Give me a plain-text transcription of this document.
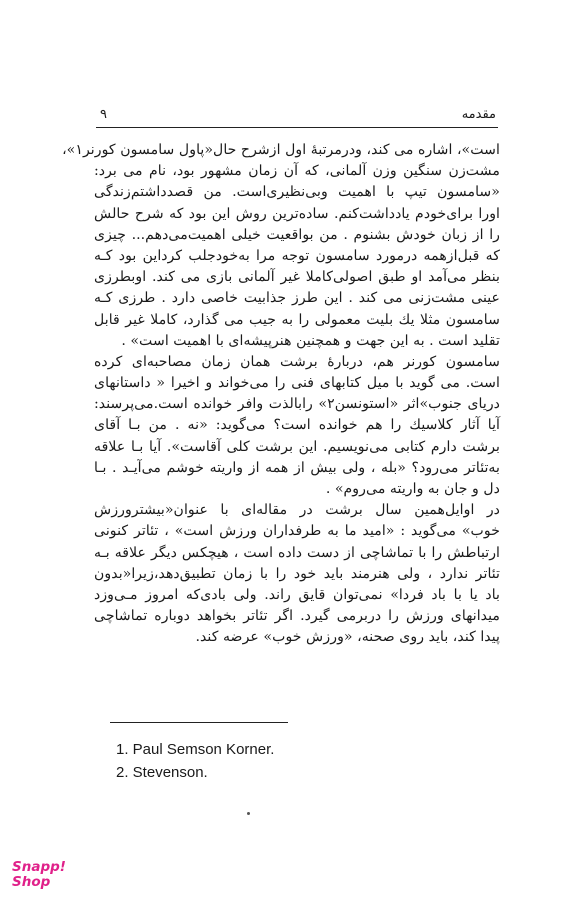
مقدمه
۹
است»، اشاره می کند، ودرمرتبهٔ اول ازشرح حال«پاول سامسون کورنر۱»،
مشت‌زن سنگین وزن آلمانی، که آن زمان مشهور بود، نام می برد:
«سامسون تیپ با اهمیت وبی‌نظیری‌است. من قصدداشتم‌زندگی
اورا برای‌خودم یادداشت‌کنم. ساده‌ترین روش این بود که شرح حالش
را از زبان خودش بشنوم . من بواقعیت خیلی اهمیت‌می‌دهم... چیزی
که قبل‌ازهمه درمورد سامسون توجه مرا به‌خودجلب کرداین بود کـه
بنظر می‌آمد او طبق اصولی‌کاملا غیر آلمانی بازی می کند. اوبطرزی
عینی مشت‌زنی می کند . این طرز جذابیت خاصی دارد . طرزی کـه
سامسون مثلا یك بلیت معمولی را به جیب می گذارد، کاملا غیر قابل
تقلید است . به این جهت و همچنین هنرپیشه‌ای با اهمیت است» .
سامسون کورنر هم، دربارهٔ برشت همان زمان مصاحبه‌ای کرده
است. می گوید با میل کتابهای فنی را می‌خواند و اخیرا « داستانهای
دریای جنوب»اثر «استونسن۲» رابالذت وافر خوانده است.می‌پرسند:
آیا آثار کلاسیك را هم خوانده است؟ می‌گوید: «نه . من بـا آقای
برشت دارم کتابی می‌نویسیم. این برشت کلی آقاست». آیا بـا علاقه
به‌تئاتر می‌رود؟ «بله ، ولی بیش از همه از واریته خوشم می‌آیـد . بـا
دل و جان به واریته می‌روم» .
در اوایل‌همین سال برشت در مقاله‌ای با عنوان«بیشترورزش
خوب» می‌گوید : «امید ما به طرفداران ورزش است» ، تئاتر کنونی
ارتباطش را با تماشاچی از دست داده است ، هیچکس دیگر علاقه بـه
تئاتر ندارد ، ولی هنرمند باید خود را با زمان تطبیق‌دهد،زیرا«بدون
باد یا با باد فردا» نمی‌توان قایق راند. ولی بادی‌که امروز مـی‌وزد
میدانهای ورزش را دربرمی گیرد. اگر تئاتر بخواهد دوباره تماشاچی
پیدا کند، باید روی صحنه، «ورزش خوب» عرضه کند.
1. Paul Semson Korner.
2. Stevenson.
Snapp!
Shop
